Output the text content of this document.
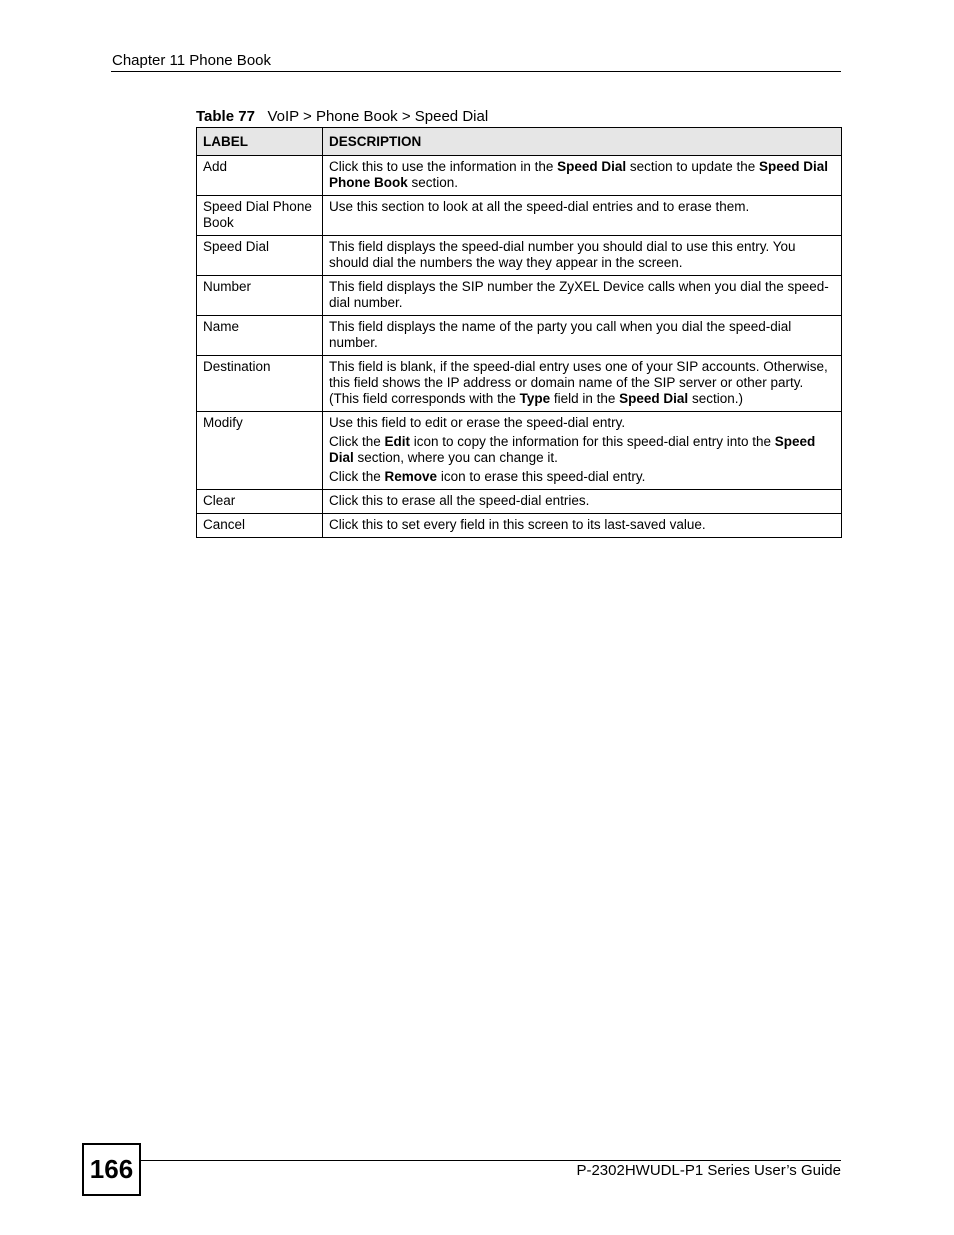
Chapter 11 Phone Book
Table 77 VoIP > Phone Book > Speed Dial
LABEL	DESCRIPTION
Add	Click this to use the information in the Speed Dial section to update the Speed Dial Phone Book section.

Speed Dial Phone Book	Use this section to look at all the speed-dial entries and to erase them.

Speed Dial	This field displays the speed-dial number you should dial to use this entry. You should dial the numbers the way they appear in the screen.

Number	This field displays the SIP number the ZyXEL Device calls when you dial the speed-dial number.

Name	This field displays the name of the party you call when you dial the speed-dial number.

Destination	This field is blank, if the speed-dial entry uses one of your SIP accounts. Otherwise, this field shows the IP address or domain name of the SIP server or other party. (This field corresponds with the Type field in the Speed Dial section.)

Modify	Use this field to edit or erase the speed-dial entry.

Click the Edit icon to copy the information for this speed-dial entry into the Speed Dial section, where you can change it.

Click the Remove icon to erase this speed-dial entry.

Clear	Click this to erase all the speed-dial entries.

Cancel	Click this to set every field in this screen to its last-saved value.

166	P-2302HWUDL-P1 Series User’s Guide
